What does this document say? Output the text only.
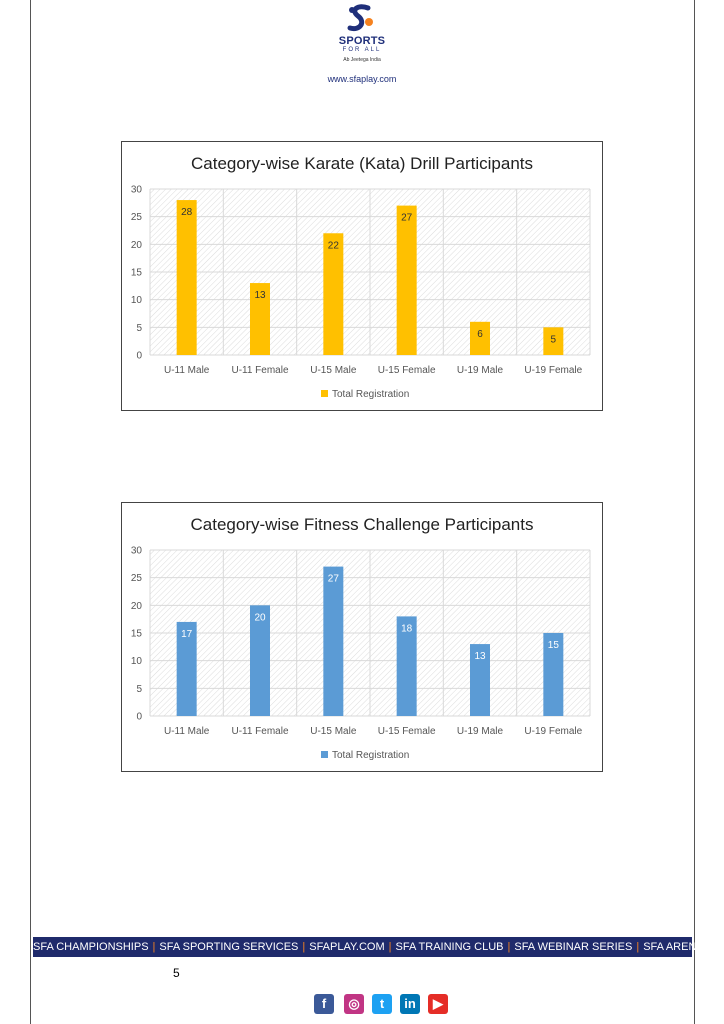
SPORTS
FOR ALL
Ab Jeetega India
www.sfaplay.com
Category-wise Karate (Kata) Drill Participants
0
5
10
15
20
25
30
28
U-11 Male
13
U-11 Female
22
U-15 Male
27
U-15 Female
6
U-19 Male
5
U-19 Female
Total Registration
Category-wise Fitness Challenge Participants
0
5
10
15
20
25
30
17
U-11 Male
20
U-11 Female
27
U-15 Male
18
U-15 Female
13
U-19 Male
15
U-19 Female
Total Registration
SFA CHAMPIONSHIPS | SFA SPORTING SERVICES | SFAPLAY.COM | SFA TRAINING CLUB | SFA WEBINAR SERIES | SFA ARENA
5
f	◎	t	in	▶
